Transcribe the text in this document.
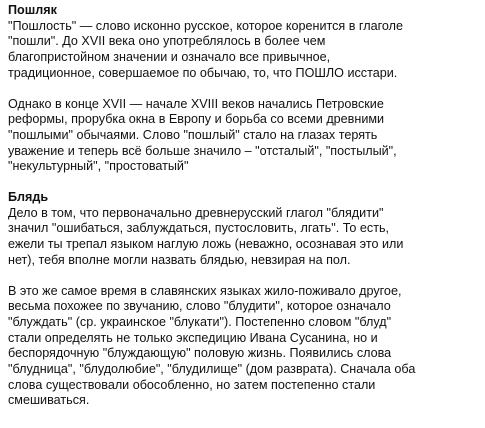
Пошляк
"Пошлость" — слово исконно русское, которое коренится в глаголе
"пошли". До XVII века оно употреблялось в более чем
благопристойном значении и означало все привычное,
традиционное, совершаемое по обычаю, то, что ПОШЛО исстари.
Однако в конце XVII — начале XVIII веков начались Петровские
реформы, прорубка окна в Европу и борьба со всеми древними
"пошлыми" обычаями. Слово "пошлый" стало на глазах терять
уважение и теперь всё больше значило – "отсталый", "постылый",
"некультурный", "простоватый"
Блядь
Дело в том, что первоначально древнерусский глагол "блядити"
значил "ошибаться, заблуждаться, пустословить, лгать". То есть,
ежели ты трепал языком наглую ложь (неважно, осознавая это или
нет), тебя вполне могли назвать блядью, невзирая на пол.
В это же самое время в славянских языках жило-поживало другое,
весьма похожее по звучанию, слово "блудити", которое означало
"блуждать" (ср. украинское "блукати"). Постепенно словом "блуд"
стали определять не только экспедицию Ивана Сусанина, но и
беспорядочную "блуждающую" половую жизнь. Появились слова
"блудница", "блудолюбие", "блудилище" (дом разврата). Сначала оба
слова существовали обособленно, но затем постепенно стали
смешиваться.
